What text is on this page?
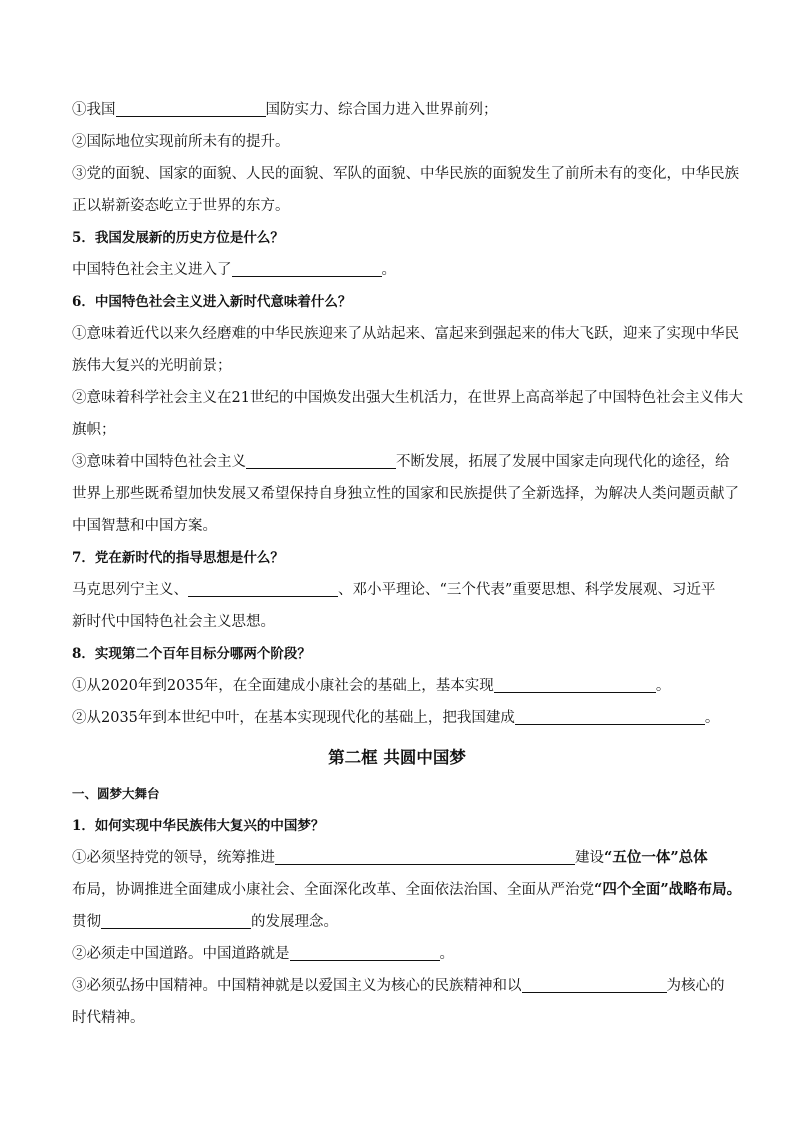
①我国	国防实力、综合国力进入世界前列；
②国际地位实现前所未有的提升。
③党的面貌、国家的面貌、人民的面貌、军队的面貌、中华民族的面貌发生了前所未有的变化，中华民族
正以崭新姿态屹立于世界的东方。
5．我国发展新的历史方位是什么？
中国特色社会主义进入了	。
6．中国特色社会主义进入新时代意味着什么？
①意味着近代以来久经磨难的中华民族迎来了从站起来、富起来到强起来的伟大飞跃，迎来了实现中华民
族伟大复兴的光明前景；
②意味着科学社会主义在21世纪的中国焕发出强大生机活力，在世界上高高举起了中国特色社会主义伟大
旗帜；
③意味着中国特色社会主义	不断发展，拓展了发展中国家走向现代化的途径，给
世界上那些既希望加快发展又希望保持自身独立性的国家和民族提供了全新选择，为解决人类问题贡献了
中国智慧和中国方案。
7．党在新时代的指导思想是什么？
马克思列宁主义、	、邓小平理论、“三个代表”重要思想、科学发展观、习近平
新时代中国特色社会主义思想。
8．实现第二个百年目标分哪两个阶段？
①从2020年到2035年，在全面建成小康社会的基础上，基本实现	。
②从2035年到本世纪中叶，在基本实现现代化的基础上，把我国建成	。
第二框 共圆中国梦
一、圆梦大舞台
1．如何实现中华民族伟大复兴的中国梦？
①必须坚持党的领导，统筹推进	建设“五位一体”总体
布局，协调推进全面建成小康社会、全面深化改革、全面依法治国、全面从严治党“四个全面”战略布局。
贯彻	的发展理念。
②必须走中国道路。中国道路就是	。
③必须弘扬中国精神。中国精神就是以爱国主义为核心的民族精神和以	为核心的
时代精神。
